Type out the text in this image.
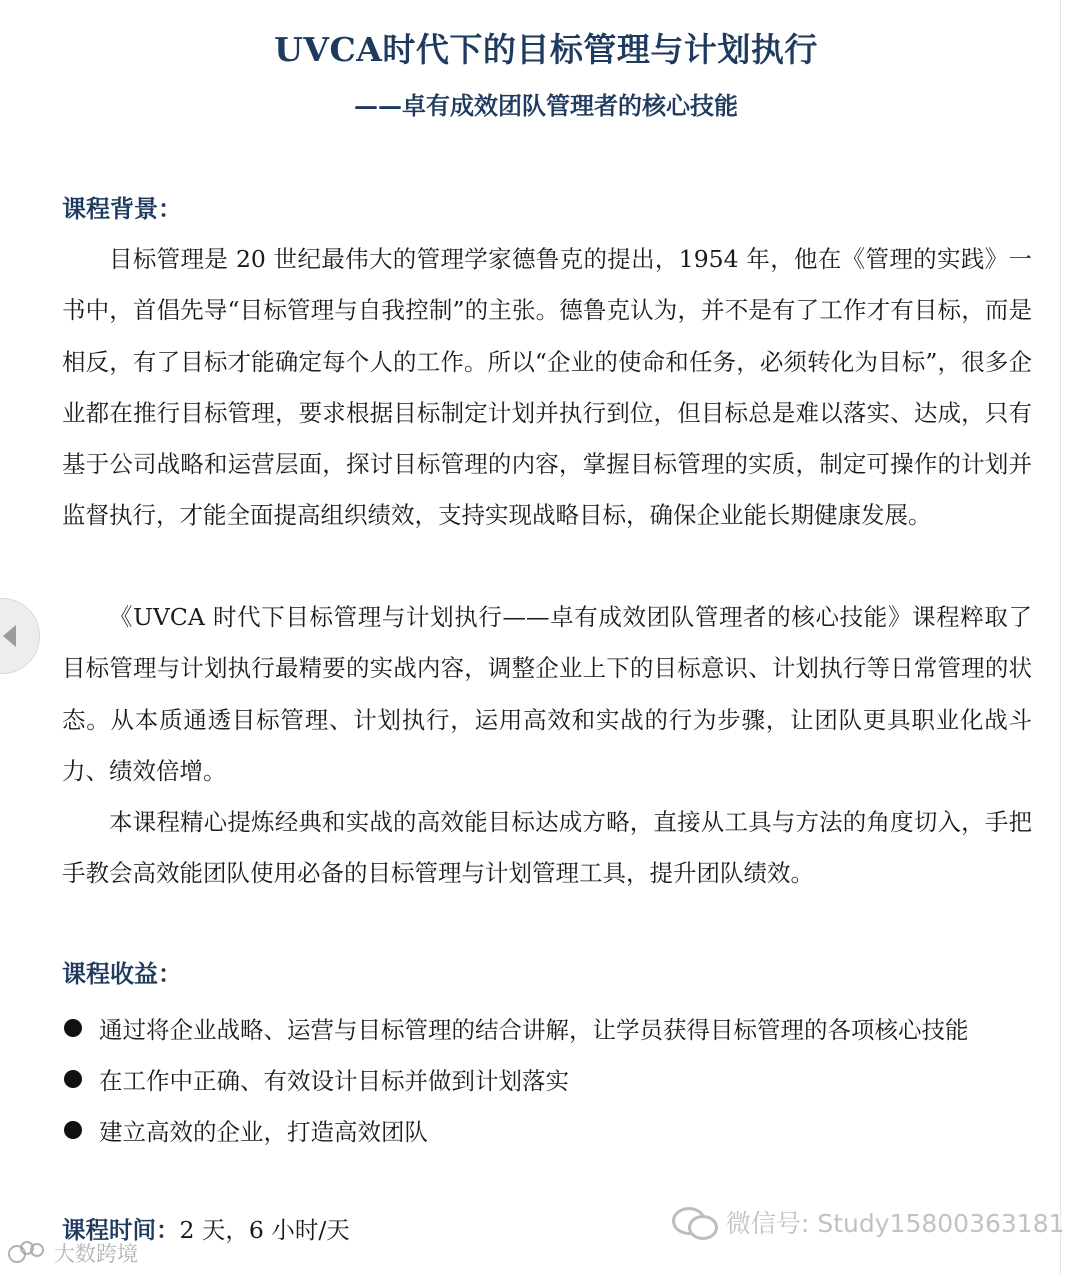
UVCA时代下的目标管理与计划执行
——卓有成效团队管理者的核心技能
课程背景：

目标管理是 20 世纪最伟大的管理学家德鲁克的提出，1954 年，他在《管理的实践》一书中，首倡先导“目标管理与自我控制”的主张。德鲁克认为，并不是有了工作才有目标，而是相反，有了目标才能确定每个人的工作。所以“企业的使命和任务，必须转化为目标”，很多企业都在推行目标管理，要求根据目标制定计划并执行到位，但目标总是难以落实、达成，只有基于公司战略和运营层面，探讨目标管理的内容，掌握目标管理的实质，制定可操作的计划并监督执行，才能全面提高组织绩效，支持实现战略目标，确保企业能长期健康发展。

《UVCA 时代下目标管理与计划执行——卓有成效团队管理者的核心技能》课程粹取了目标管理与计划执行最精要的实战内容，调整企业上下的目标意识、计划执行等日常管理的状态。从本质通透目标管理、计划执行，运用高效和实战的行为步骤，让团队更具职业化战斗力、绩效倍增。

本课程精心提炼经典和实战的高效能目标达成方略，直接从工具与方法的角度切入，手把手教会高效能团队使用必备的目标管理与计划管理工具，提升团队绩效。

课程收益：
通过将企业战略、运营与目标管理的结合讲解，让学员获得目标管理的各项核心技能
在工作中正确、有效设计目标并做到计划落实
建立高效的企业，打造高效团队
课程时间：2 天，6 小时/天	微信号: Study15800363181
大数跨境
